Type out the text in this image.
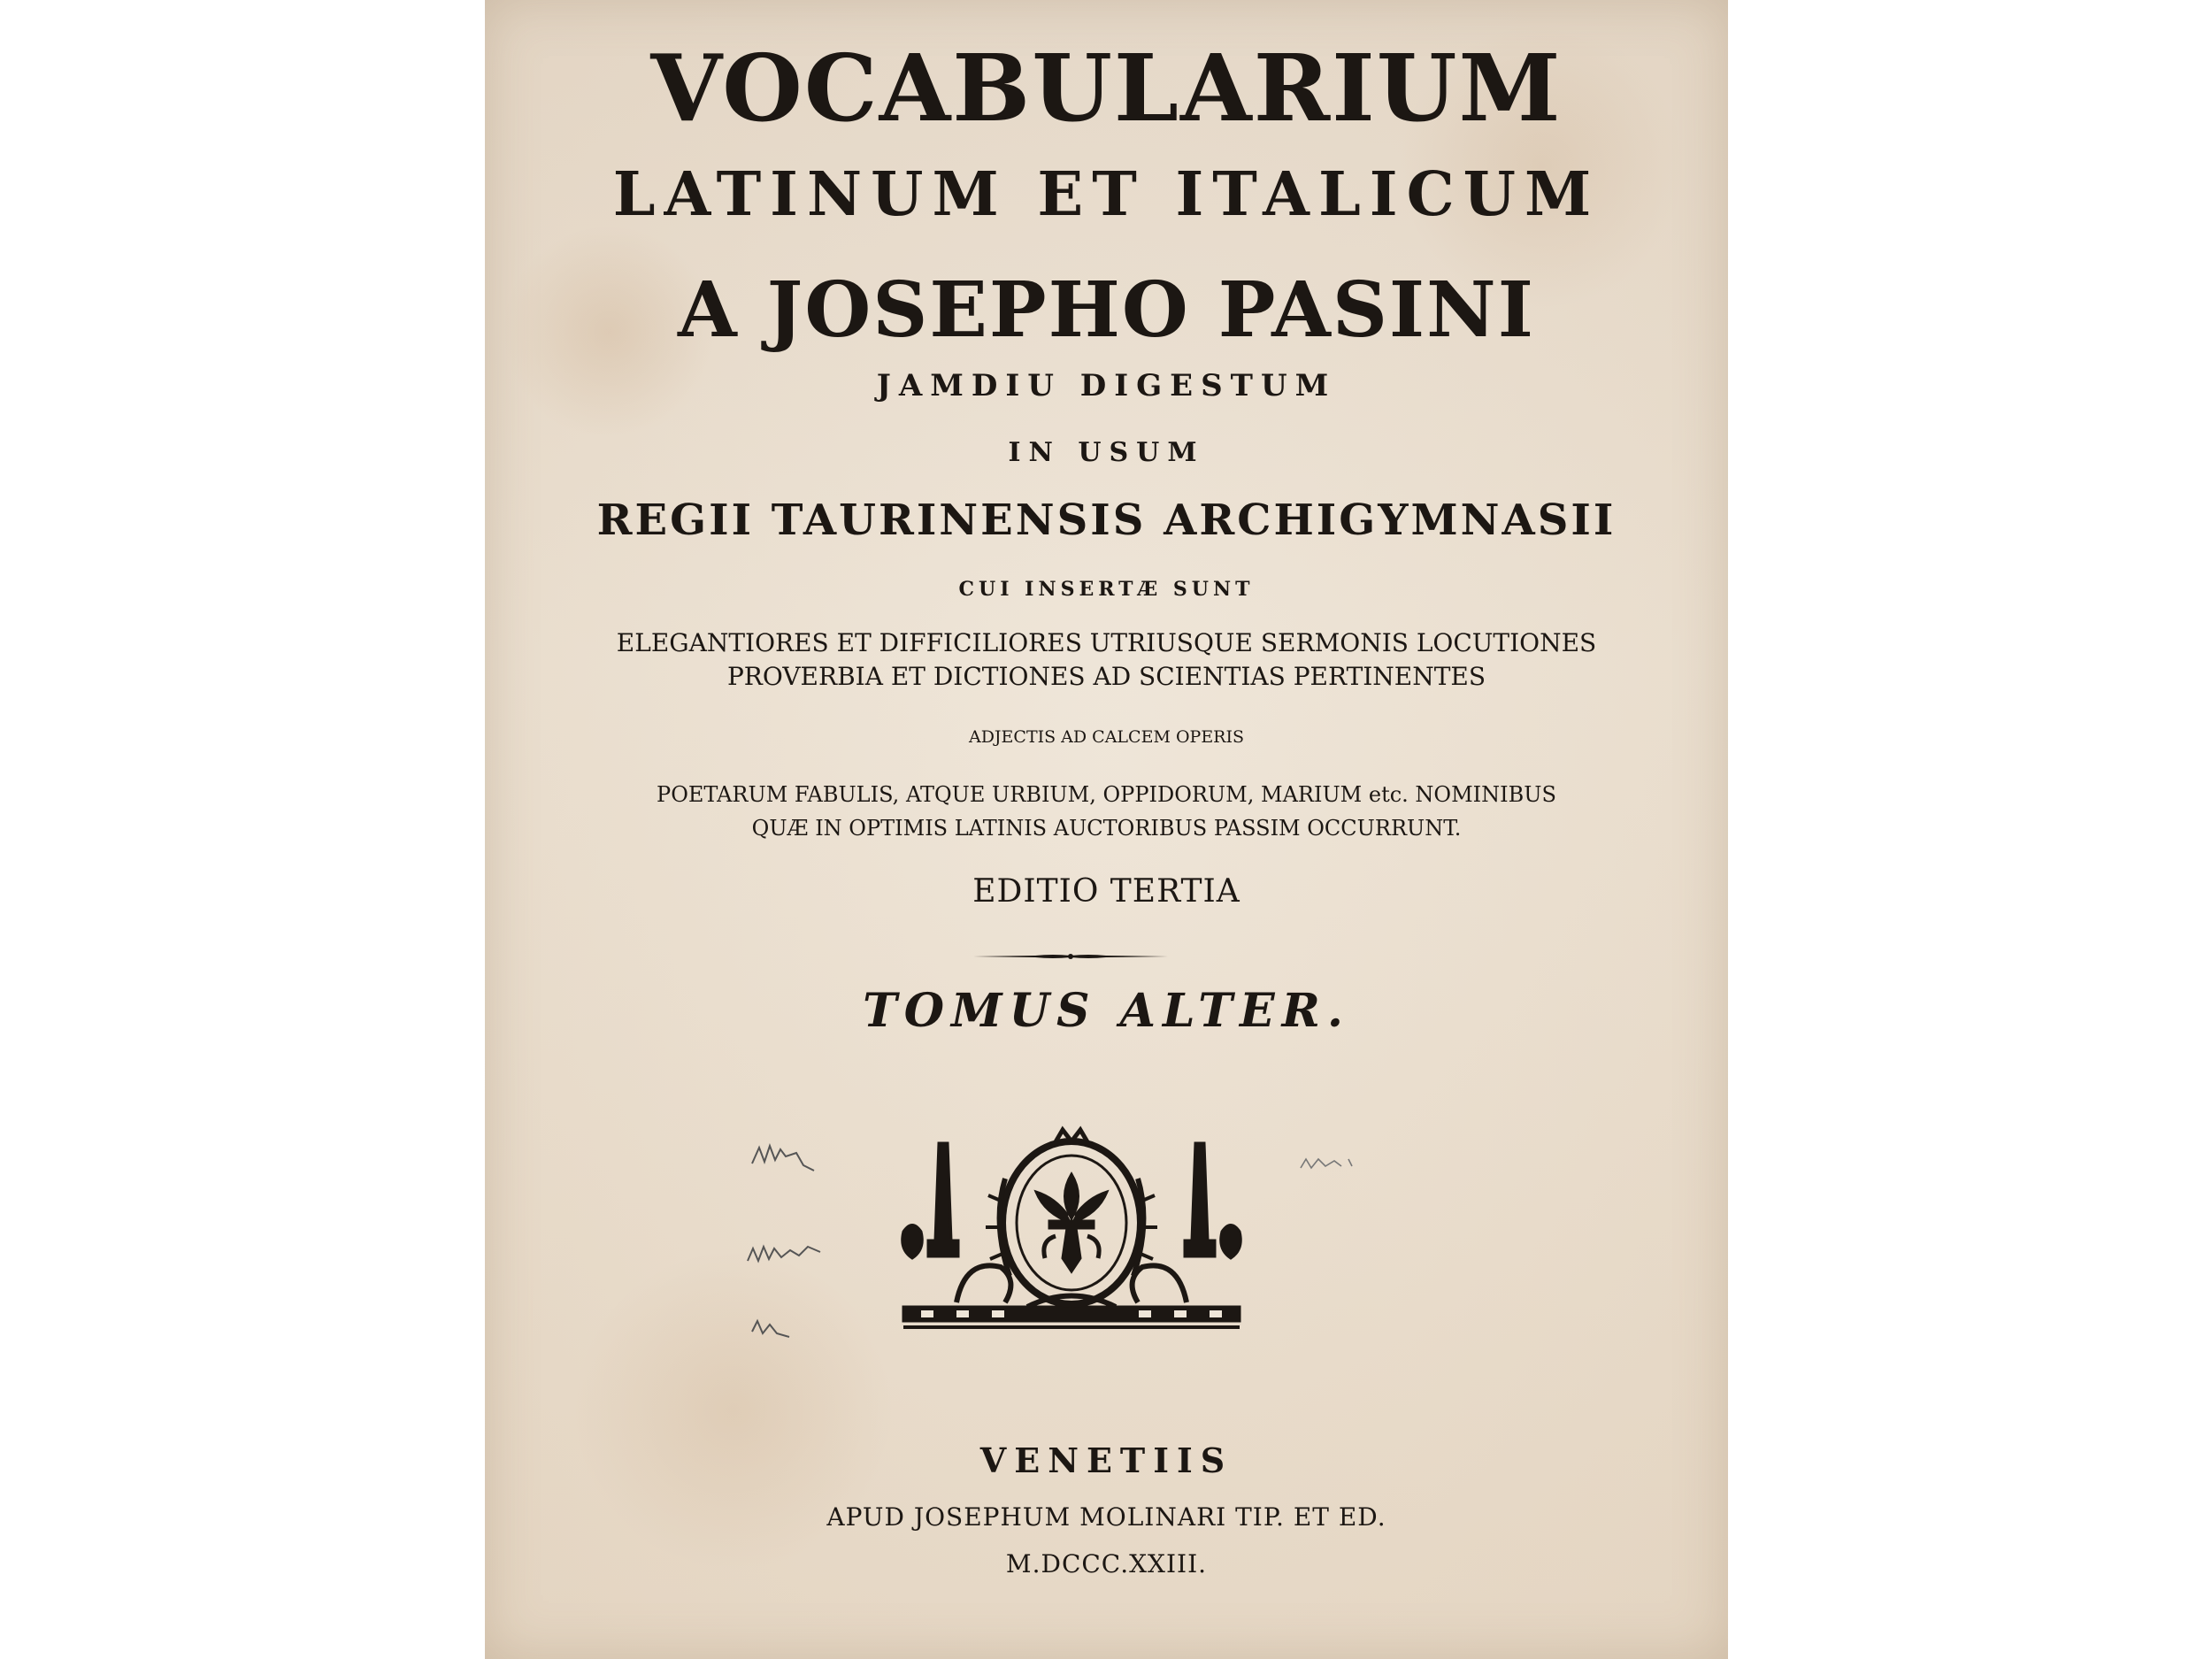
VOCABULARIUM
LATINUM ET ITALICUM
A JOSEPHO PASINI
JAMDIU DIGESTUM
IN USUM
REGII TAURINENSIS ARCHIGYMNASII
CUI INSERTÆ SUNT
ELEGANTIORES ET DIFFICILIORES UTRIUSQUE SERMONIS LOCUTIONES
PROVERBIA ET DICTIONES AD SCIENTIAS PERTINENTES
ADJECTIS AD CALCEM OPERIS
POETARUM FABULIS, ATQUE URBIUM, OPPIDORUM, MARIUM etc. NOMINIBUS
QUÆ IN OPTIMIS LATINIS AUCTORIBUS PASSIM OCCURRUNT.
EDITIO TERTIA
TOMUS ALTER.
VENETIIS
APUD JOSEPHUM MOLINARI TIP. ET ED.
M.DCCC.XXIII.
